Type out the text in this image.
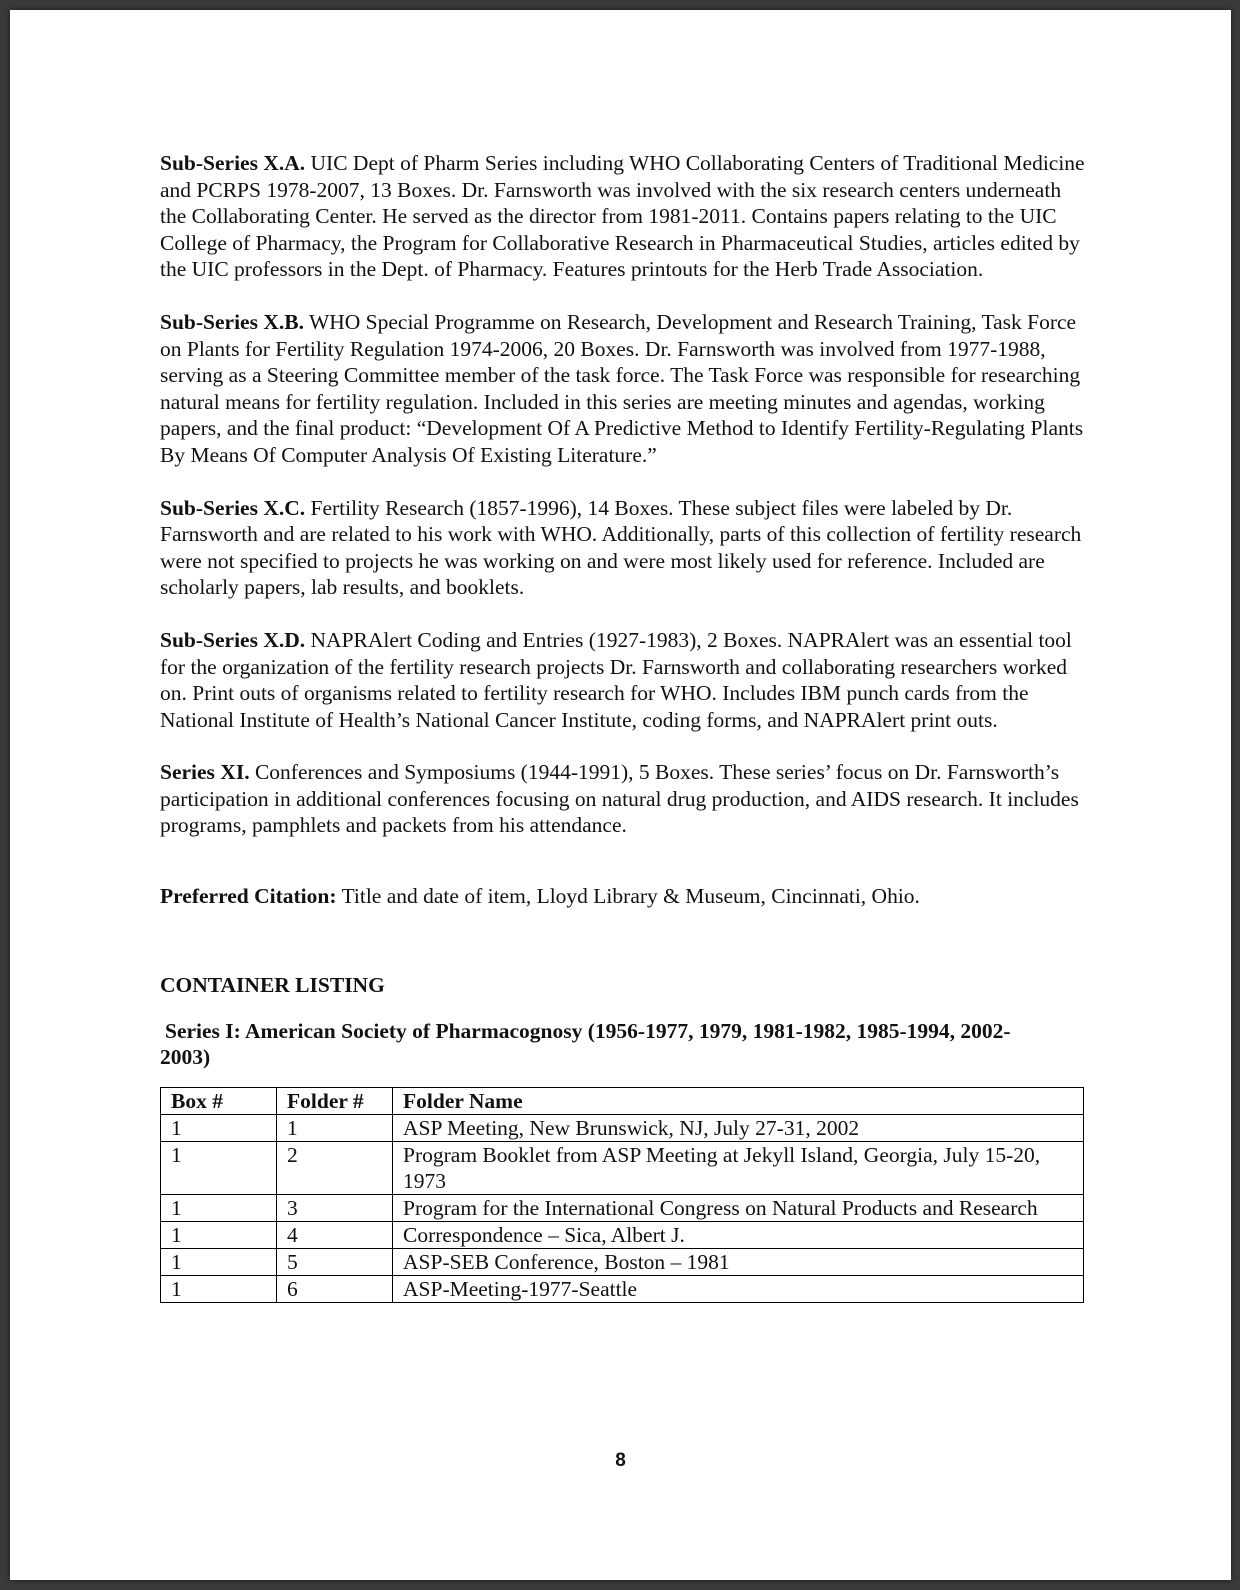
Sub-Series X.A. UIC Dept of Pharm Series including WHO Collaborating Centers of Traditional Medicine and PCRPS 1978-2007, 13 Boxes. Dr. Farnsworth was involved with the six research centers underneath the Collaborating Center. He served as the director from 1981-2011. Contains papers relating to the UIC College of Pharmacy, the Program for Collaborative Research in Pharmaceutical Studies, articles edited by the UIC professors in the Dept. of Pharmacy. Features printouts for the Herb Trade Association.

Sub-Series X.B. WHO Special Programme on Research, Development and Research Training, Task Force on Plants for Fertility Regulation 1974-2006, 20 Boxes. Dr. Farnsworth was involved from 1977-1988, serving as a Steering Committee member of the task force. The Task Force was responsible for researching natural means for fertility regulation. Included in this series are meeting minutes and agendas, working papers, and the final product: “Development Of A Predictive Method to Identify Fertility-Regulating Plants By Means Of Computer Analysis Of Existing Literature.”

Sub-Series X.C. Fertility Research (1857-1996), 14 Boxes. These subject files were labeled by Dr. Farnsworth and are related to his work with WHO. Additionally, parts of this collection of fertility research were not specified to projects he was working on and were most likely used for reference. Included are scholarly papers, lab results, and booklets.

Sub-Series X.D. NAPRAlert Coding and Entries (1927-1983), 2 Boxes. NAPRAlert was an essential tool for the organization of the fertility research projects Dr. Farnsworth and collaborating researchers worked on. Print outs of organisms related to fertility research for WHO. Includes IBM punch cards from the National Institute of Health’s National Cancer Institute, coding forms, and NAPRAlert print outs.

Series XI. Conferences and Symposiums (1944-1991), 5 Boxes. These series’ focus on Dr. Farnsworth’s participation in additional conferences focusing on natural drug production, and AIDS research. It includes programs, pamphlets and packets from his attendance.

Preferred Citation: Title and date of item, Lloyd Library & Museum, Cincinnati, Ohio.

CONTAINER LISTING
Series I: American Society of Pharmacognosy (1956-1977, 1979, 1981-1982, 1985-1994, 2002-
2003)
Box #	Folder #	Folder Name
1	1	ASP Meeting, New Brunswick, NJ, July 27-31, 2002
1	2	Program Booklet from ASP Meeting at Jekyll Island, Georgia, July 15-20, 1973
1	3	Program for the International Congress on Natural Products and Research
1	4	Correspondence – Sica, Albert J.
1	5	ASP-SEB Conference, Boston – 1981
1	6	ASP-Meeting-1977-Seattle
8
